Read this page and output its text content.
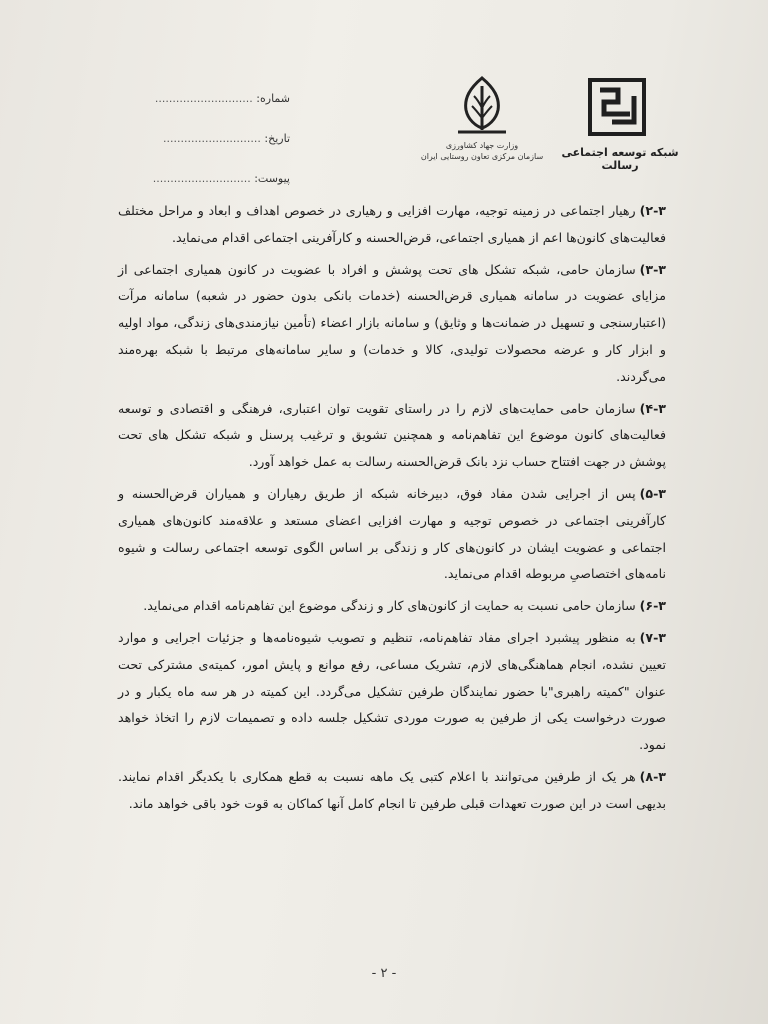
شماره: ............................
تاریخ: ............................
پیوست: ............................
وزارت جهاد کشاورزی
سازمان مرکزی تعاون روستایی ایران شبکه توسعه اجتماعی رسالت

۲-۳)رهیار اجتماعی در زمینه توجیه، مهارت افزایی و رهیاری در خصوص اهداف و ابعاد و مراحل مختلف فعالیت‌های کانون‌ها اعم از همیاری اجتماعی، قرض‌الحسنه و کارآفرینی اجتماعی اقدام می‌نماید.

۳-۳)سازمان حامی، شبکه تشکل های تحت پوشش و افراد با عضویت در کانون همیاری اجتماعی از مزایای عضویت در سامانه همیاری قرض‌الحسنه (خدمات بانکی بدون حضور در شعبه) سامانه مرآت (اعتبارسنجی و تسهیل در ضمانت‌ها و وثایق) و سامانه بازار اعضاء (تأمین نیازمندی‌های زندگی، مواد اولیه و ابزار کار و عرضه محصولات تولیدی، کالا و خدمات) و سایر سامانه‌های مرتبط با شبکه بهره‌مند می‌گردند.

۴-۳)سازمان حامی حمایت‌های لازم را در راستای تقویت توان اعتباری، فرهنگی و اقتصادی و توسعه فعالیت‌های کانون موضوع این تفاهم‌نامه و همچنین تشویق و ترغیب پرسنل و شبکه تشکل های تحت پوشش در جهت افتتاح حساب نزد بانک قرض‌الحسنه رسالت به عمل خواهد آورد.

۵-۳)پس از اجرایی شدن مفاد فوق، دبیرخانه شبکه از طریق رهیاران و همیاران قرض‌الحسنه و کارآفرینی اجتماعی در خصوص توجیه و مهارت افزایی اعضای مستعد و علاقه‌مند کانون‌های همیاری اجتماعی و عضویت ایشان در کانون‌های کار و زندگی بر اساس الگوی توسعه اجتماعی رسالت و شیوه نامه‌های اختصاصیِ مربوطه اقدام می‌نماید.

۶-۳)سازمان حامی نسبت به حمایت از کانون‌های کار و زندگی موضوع این تفاهم‌نامه اقدام می‌نماید.

۷-۳)به منظور پیشبرد اجرای مفاد تفاهم‌نامه، تنظیم و تصویب شیوه‌نامه‌ها و جزئیات اجرایی و موارد تعیین نشده، انجام هماهنگی‌های لازم، تشریک مساعی، رفع موانع و پایش امور، کمیته‌ی مشترکی تحت عنوان "کمیته راهبری"با حضور نمایندگان طرفین تشکیل می‌گردد. این کمیته در هر سه ماه یکبار و در صورت درخواست یکی از طرفین به صورت موردی تشکیل جلسه داده و تصمیمات لازم را اتخاذ خواهد نمود.

۸-۳)هر یک از طرفین می‌توانند با اعلام کتبی یک ماهه نسبت به قطع همکاری با یکدیگر اقدام نمایند. بدیهی است در این صورت تعهدات قبلی طرفین تا انجام کامل آنها کماکان به قوت خود باقی خواهد ماند.

- ۲ -
